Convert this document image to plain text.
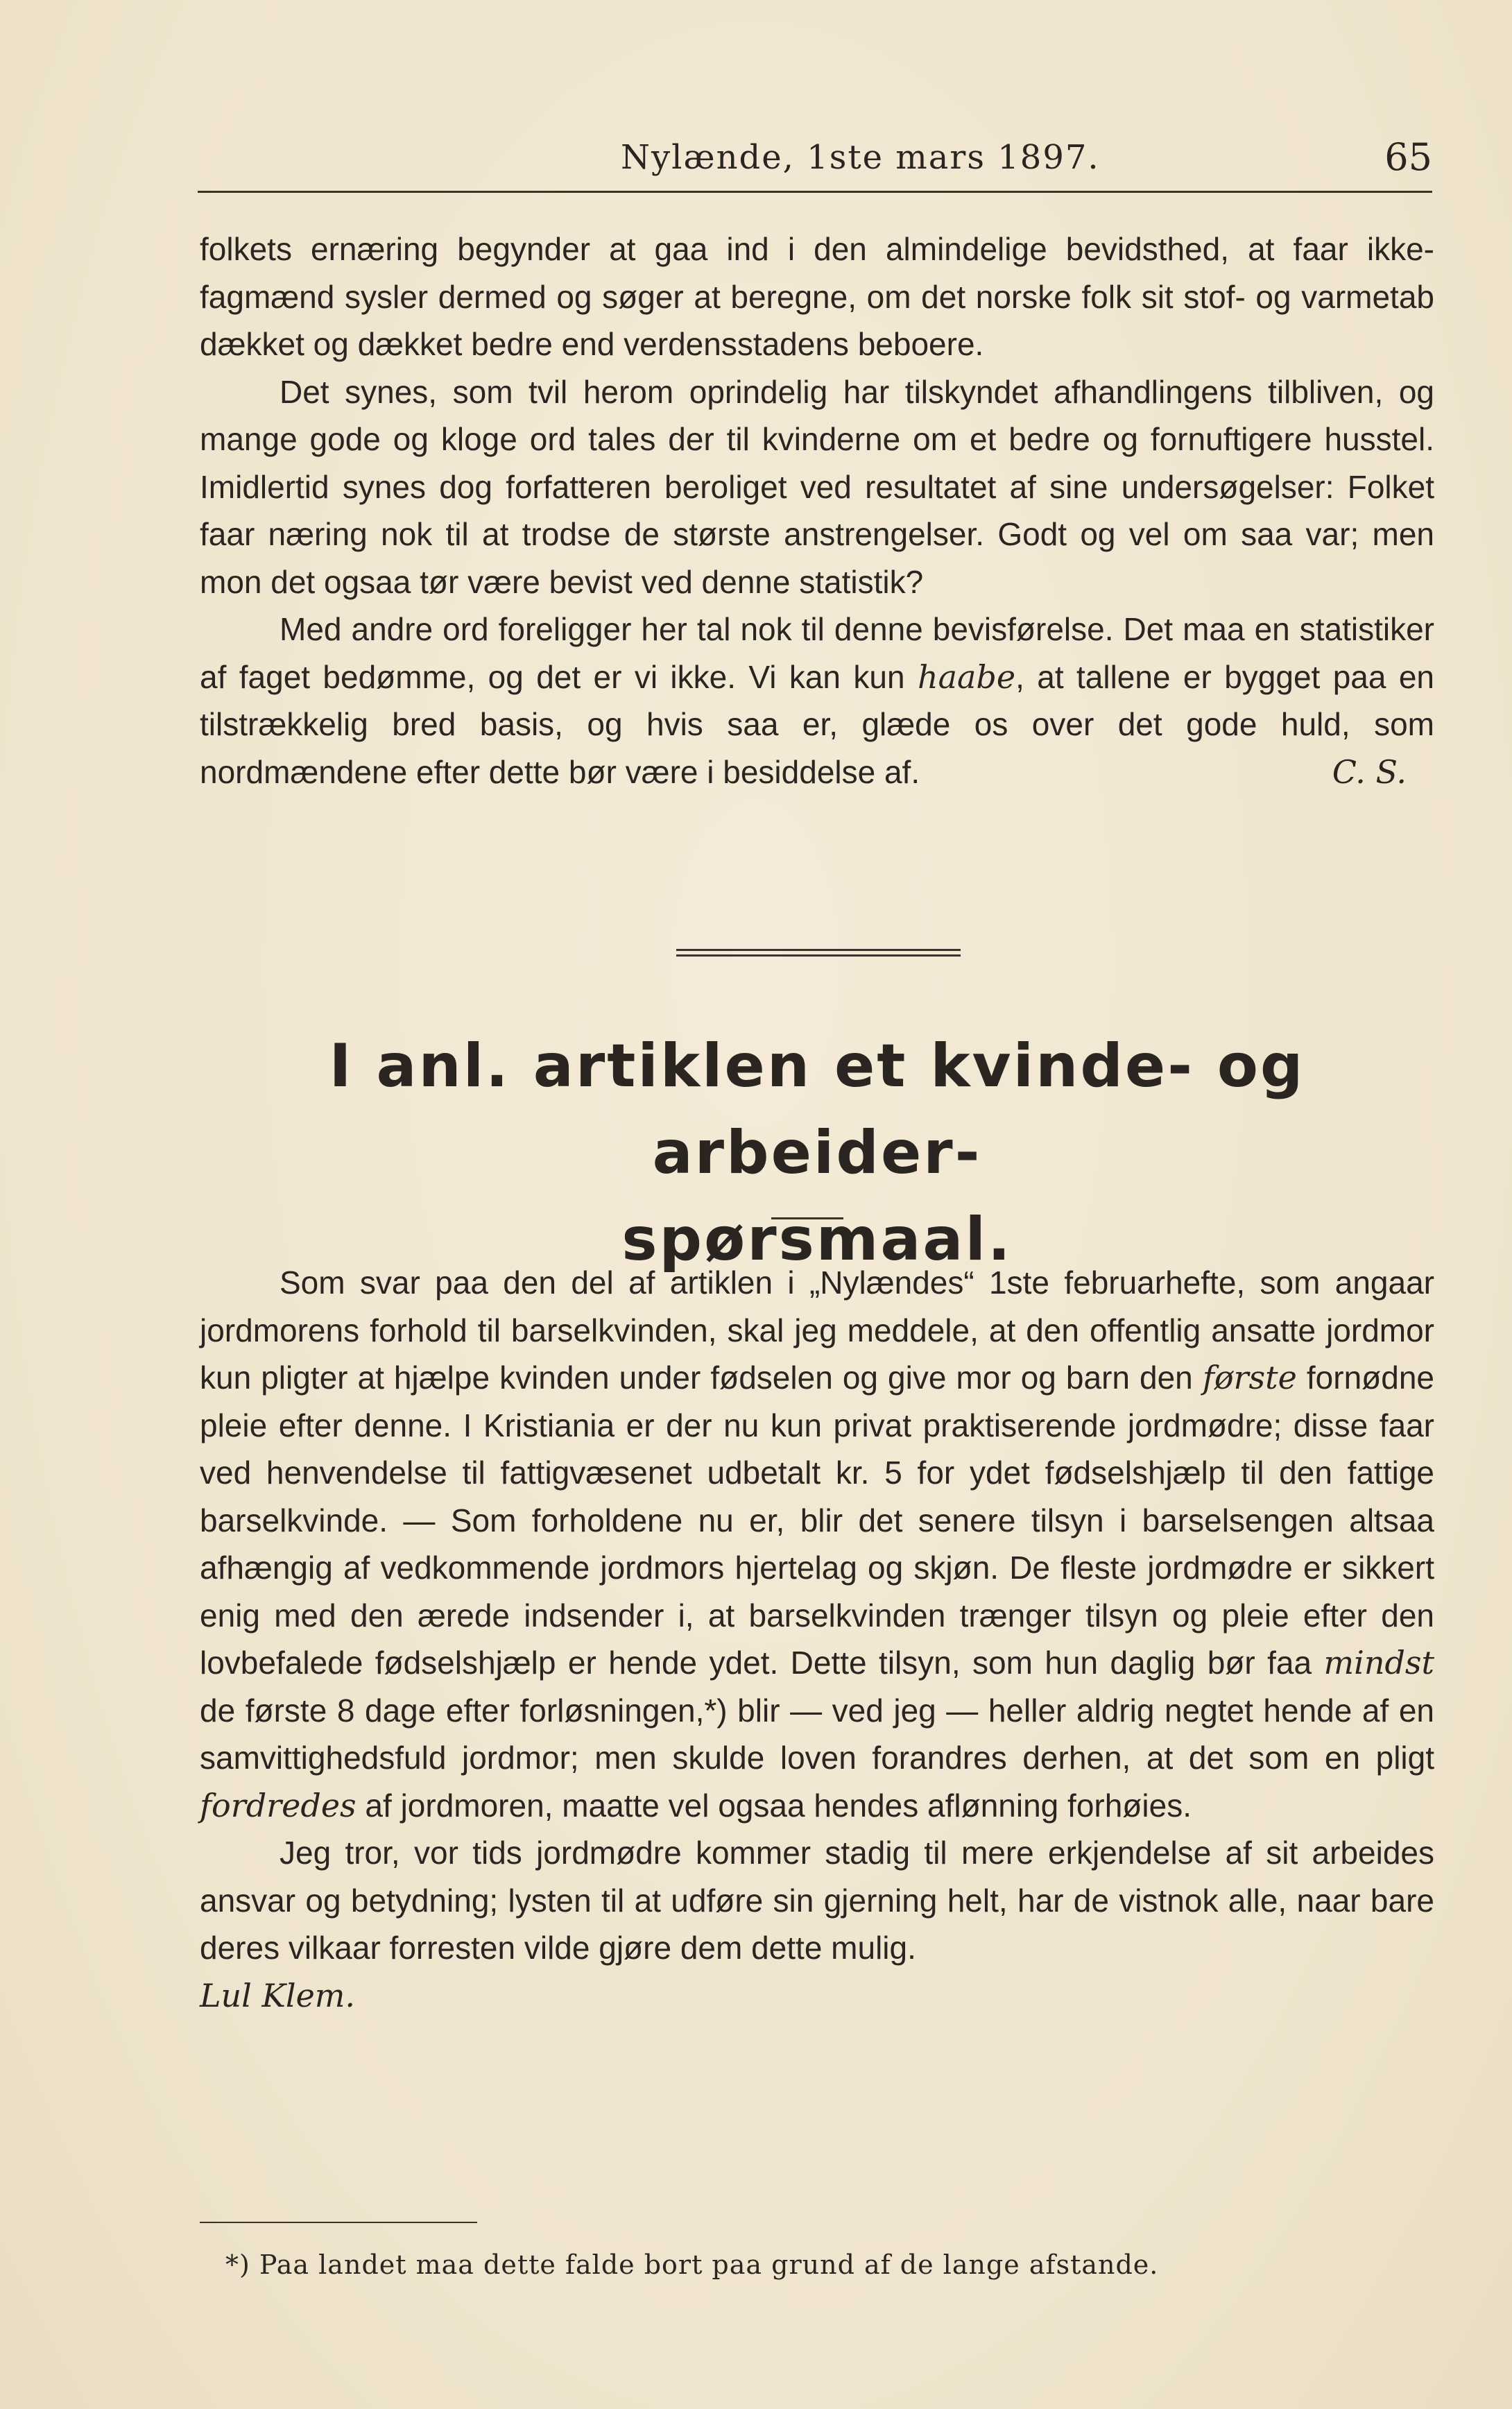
Nylænde, 1ste mars 1897.	65

folkets ernæring begynder at gaa ind i den almindelige bevidsthed, at faar ikke-fagmænd sysler dermed og søger at beregne, om det norske folk sit stof- og varmetab dækket og dækket bedre end verdensstadens beboere.

Det synes, som tvil herom oprindelig har tilskyndet afhandlingens tilbliven, og mange gode og kloge ord tales der til kvinderne om et bedre og fornuftigere husstel. Imidlertid synes dog forfatteren beroliget ved resultatet af sine undersøgelser: Folket faar næring nok til at trodse de største anstrengelser. Godt og vel om saa var; men mon det ogsaa tør være bevist ved denne statistik?

Med andre ord foreligger her tal nok til denne bevisførelse. Det maa en statistiker af faget bedømme, og det er vi ikke. Vi kan kun haabe, at tallene er bygget paa en tilstrækkelig bred basis, og hvis saa er, glæde os over det gode huld, som nordmændene efter dette bør være i besiddelse af.	C. S.

I anl. artiklen et kvinde- og arbeider-
spørsmaal.

Som svar paa den del af artiklen i „Nylændes“ 1ste februarhefte, som angaar jordmorens forhold til barselkvinden, skal jeg meddele, at den offentlig ansatte jordmor kun pligter at hjælpe kvinden under fødselen og give mor og barn den første fornødne pleie efter denne. I Kristiania er der nu kun privat praktiserende jordmødre; disse faar ved henvendelse til fattigvæsenet udbetalt kr. 5 for ydet fødselshjælp til den fattige barselkvinde. — Som forholdene nu er, blir det senere tilsyn i barselsengen altsaa afhængig af vedkommende jordmors hjertelag og skjøn. De fleste jordmødre er sikkert enig med den ærede indsender i, at barselkvinden trænger tilsyn og pleie efter den lovbefalede fødselshjælp er hende ydet. Dette tilsyn, som hun daglig bør faa mindst de første 8 dage efter forløsningen,*) blir — ved jeg — heller aldrig negtet hende af en samvittighedsfuld jordmor; men skulde loven forandres derhen, at det som en pligt fordredes af jordmoren, maatte vel ogsaa hendes aflønning forhøies.

Jeg tror, vor tids jordmødre kommer stadig til mere erkjendelse af sit arbeides ansvar og betydning; lysten til at udføre sin gjerning helt, har de vistnok alle, naar bare deres vilkaar forresten vilde gjøre dem dette mulig.

Lul Klem.

*) Paa landet maa dette falde bort paa grund af de lange afstande.
